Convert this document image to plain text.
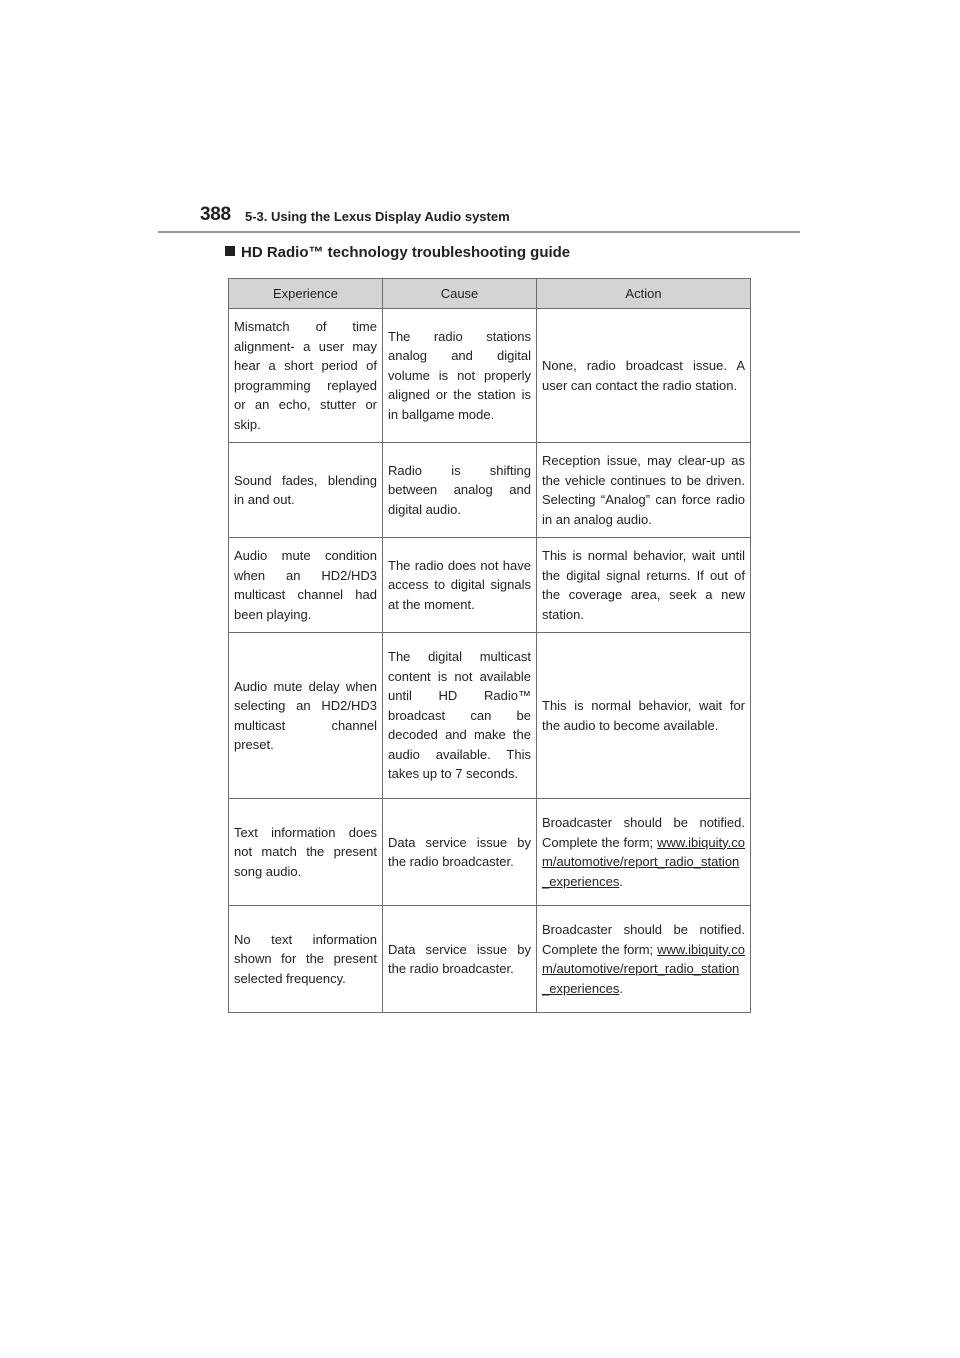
388 5-3. Using the Lexus Display Audio system
HD Radio™ technology troubleshooting guide
Experience	Cause	Action
Mismatch of time alignment- a user may hear a short period of programming replayed or an echo, stutter or skip.	The radio stations analog and digital volume is not properly aligned or the station is in ballgame mode.	None, radio broadcast issue. A user can contact the radio station.
Sound fades, blending in and out.	Radio is shifting between analog and digital audio.	Reception issue, may clear-up as the vehicle continues to be driven. Selecting “Analog” can force radio in an analog audio.
Audio mute condition when an HD2/HD3 multicast channel had been playing.	The radio does not have access to digital signals at the moment.	This is normal behavior, wait until the digital signal returns. If out of the coverage area, seek a new station.
Audio mute delay when selecting an HD2/HD3 multicast channel preset.	The digital multicast content is not available until HD Radio™ broadcast can be decoded and make the audio available. This takes up to 7 seconds.	This is normal behavior, wait for the audio to become available.
Text information does not match the present song audio.	Data service issue by the radio broadcaster.	Broadcaster should be notified. Complete the form; www.ibiquity.com/automotive/report_radio_station_experiences.
No text information shown for the present selected frequency.	Data service issue by the radio broadcaster.	Broadcaster should be notified. Complete the form; www.ibiquity.com/automotive/report_radio_station_experiences.
